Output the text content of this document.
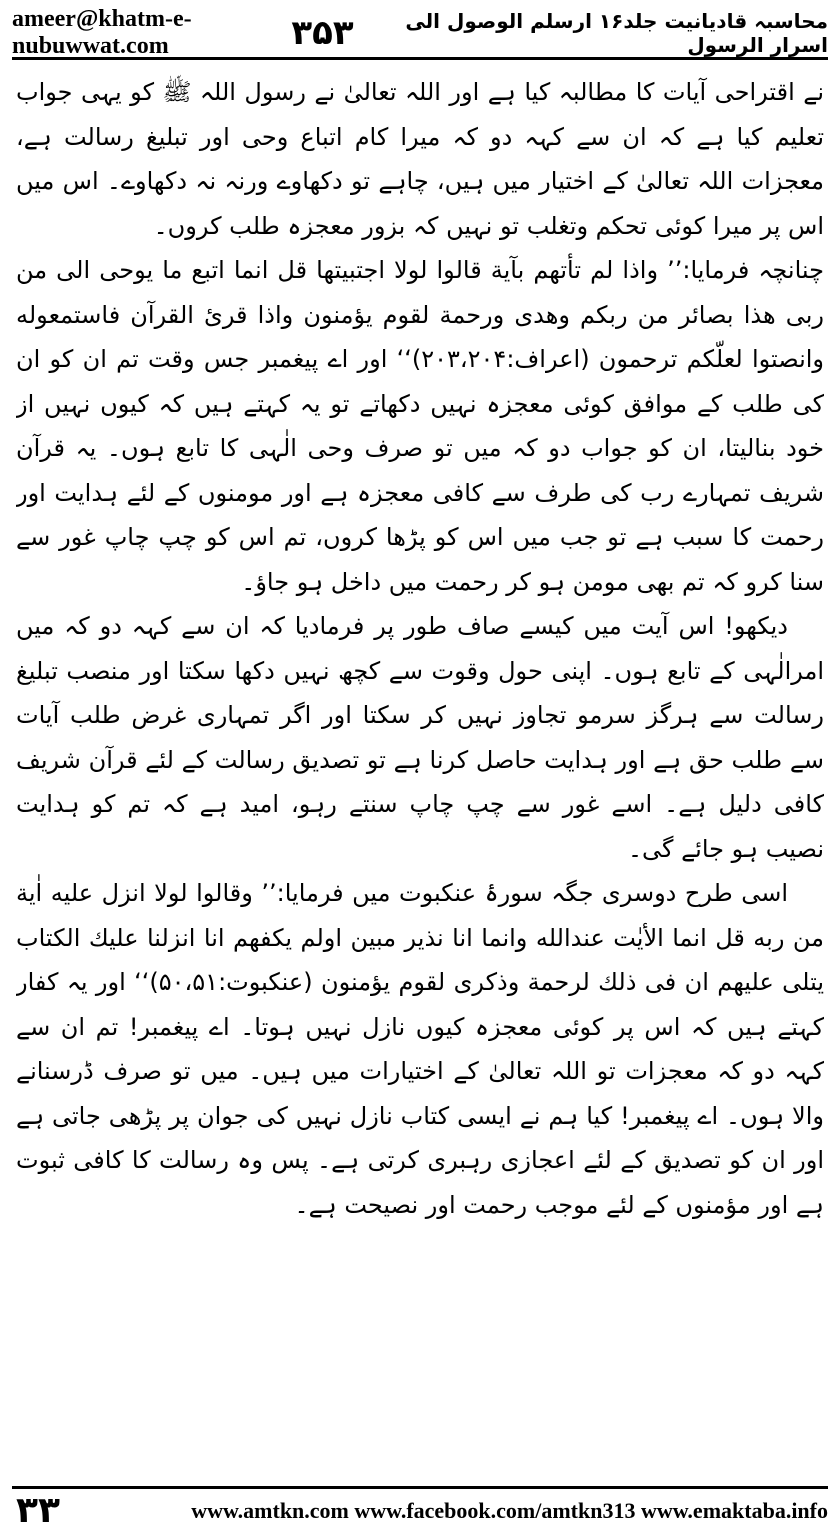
ameer@khatm-e-nubuwwat.com	۳۵۳	محاسبہ قادیانیت جلد۱۶ ارسلم الوصول الی اسرار الرسول

نے اقتراحی آیات کا مطالبہ کیا ہے اور اللہ تعالیٰ نے رسول اللہ ﷺ کو یہی جواب تعلیم کیا ہے کہ ان سے کہہ دو کہ میرا کام اتباع وحی اور تبلیغ رسالت ہے، معجزات اللہ تعالیٰ کے اختیار میں ہیں، چاہے تو دکھاوے ورنہ نہ دکھاوے۔ اس میں اس پر میرا کوئی تحکم وتغلب تو نہیں کہ بزور معجزہ طلب کروں۔

چنانچہ فرمایا:’’ واذا لم تأتهم بآية قالوا لولا اجتبيتها قل انما اتبع ما يوحى الى من ربى هذا بصائر من ربكم وهدى ورحمة لقوم يؤمنون واذا قرئ القرآن فاستمعوله وانصتوا لعلّكم ترحمون (اعراف:۲۰۳،۲۰۴)‘‘ اور اے پیغمبر جس وقت تم ان کو ان کی طلب کے موافق کوئی معجزہ نہیں دکھاتے تو یہ کہتے ہیں کہ کیوں نہیں از خود بنالیتا، ان کو جواب دو کہ میں تو صرف وحی الٰہی کا تابع ہوں۔ یہ قرآن شریف تمہارے رب کی طرف سے کافی معجزہ ہے اور مومنوں کے لئے ہدایت اور رحمت کا سبب ہے تو جب میں اس کو پڑھا کروں، تم اس کو چپ چاپ غور سے سنا کرو کہ تم بھی مومن ہو کر رحمت میں داخل ہو جاؤ۔

دیکھو! اس آیت میں کیسے صاف طور پر فرمادیا کہ ان سے کہہ دو کہ میں امرالٰہی کے تابع ہوں۔ اپنی حول وقوت سے کچھ نہیں دکھا سکتا اور منصب تبلیغ رسالت سے ہرگز سرمو تجاوز نہیں کر سکتا اور اگر تمہاری غرض طلب آیات سے طلب حق ہے اور ہدایت حاصل کرنا ہے تو تصدیق رسالت کے لئے قرآن شریف کافی دلیل ہے۔ اسے غور سے چپ چاپ سنتے رہو، امید ہے کہ تم کو ہدایت نصیب ہو جائے گی۔

اسی طرح دوسری جگہ سورۂ عنکبوت میں فرمایا:’’ وقالوا لولا انزل عليه اٰية من ربه قل انما الأيٰت عندالله وانما انا نذير مبين اولم يكفهم انا انزلنا عليك الكتاب يتلى عليهم ان فى ذلك لرحمة وذكرى لقوم يؤمنون (عنکبوت:۵۰،۵۱)‘‘ اور یہ کفار کہتے ہیں کہ اس پر کوئی معجزہ کیوں نازل نہیں ہوتا۔ اے پیغمبر! تم ان سے کہہ دو کہ معجزات تو اللہ تعالیٰ کے اختیارات میں ہیں۔ میں تو صرف ڈرسنانے والا ہوں۔ اے پیغمبر! کیا ہم نے ایسی کتاب نازل نہیں کی جوان پر پڑھی جاتی ہے اور ان کو تصدیق کے لئے اعجازی رہبری کرتی ہے۔ پس وہ رسالت کا کافی ثبوت ہے اور مؤمنوں کے لئے موجب رحمت اور نصیحت ہے۔

۳۳	www.amtkn.com www.facebook.com/amtkn313 www.emaktaba.info
